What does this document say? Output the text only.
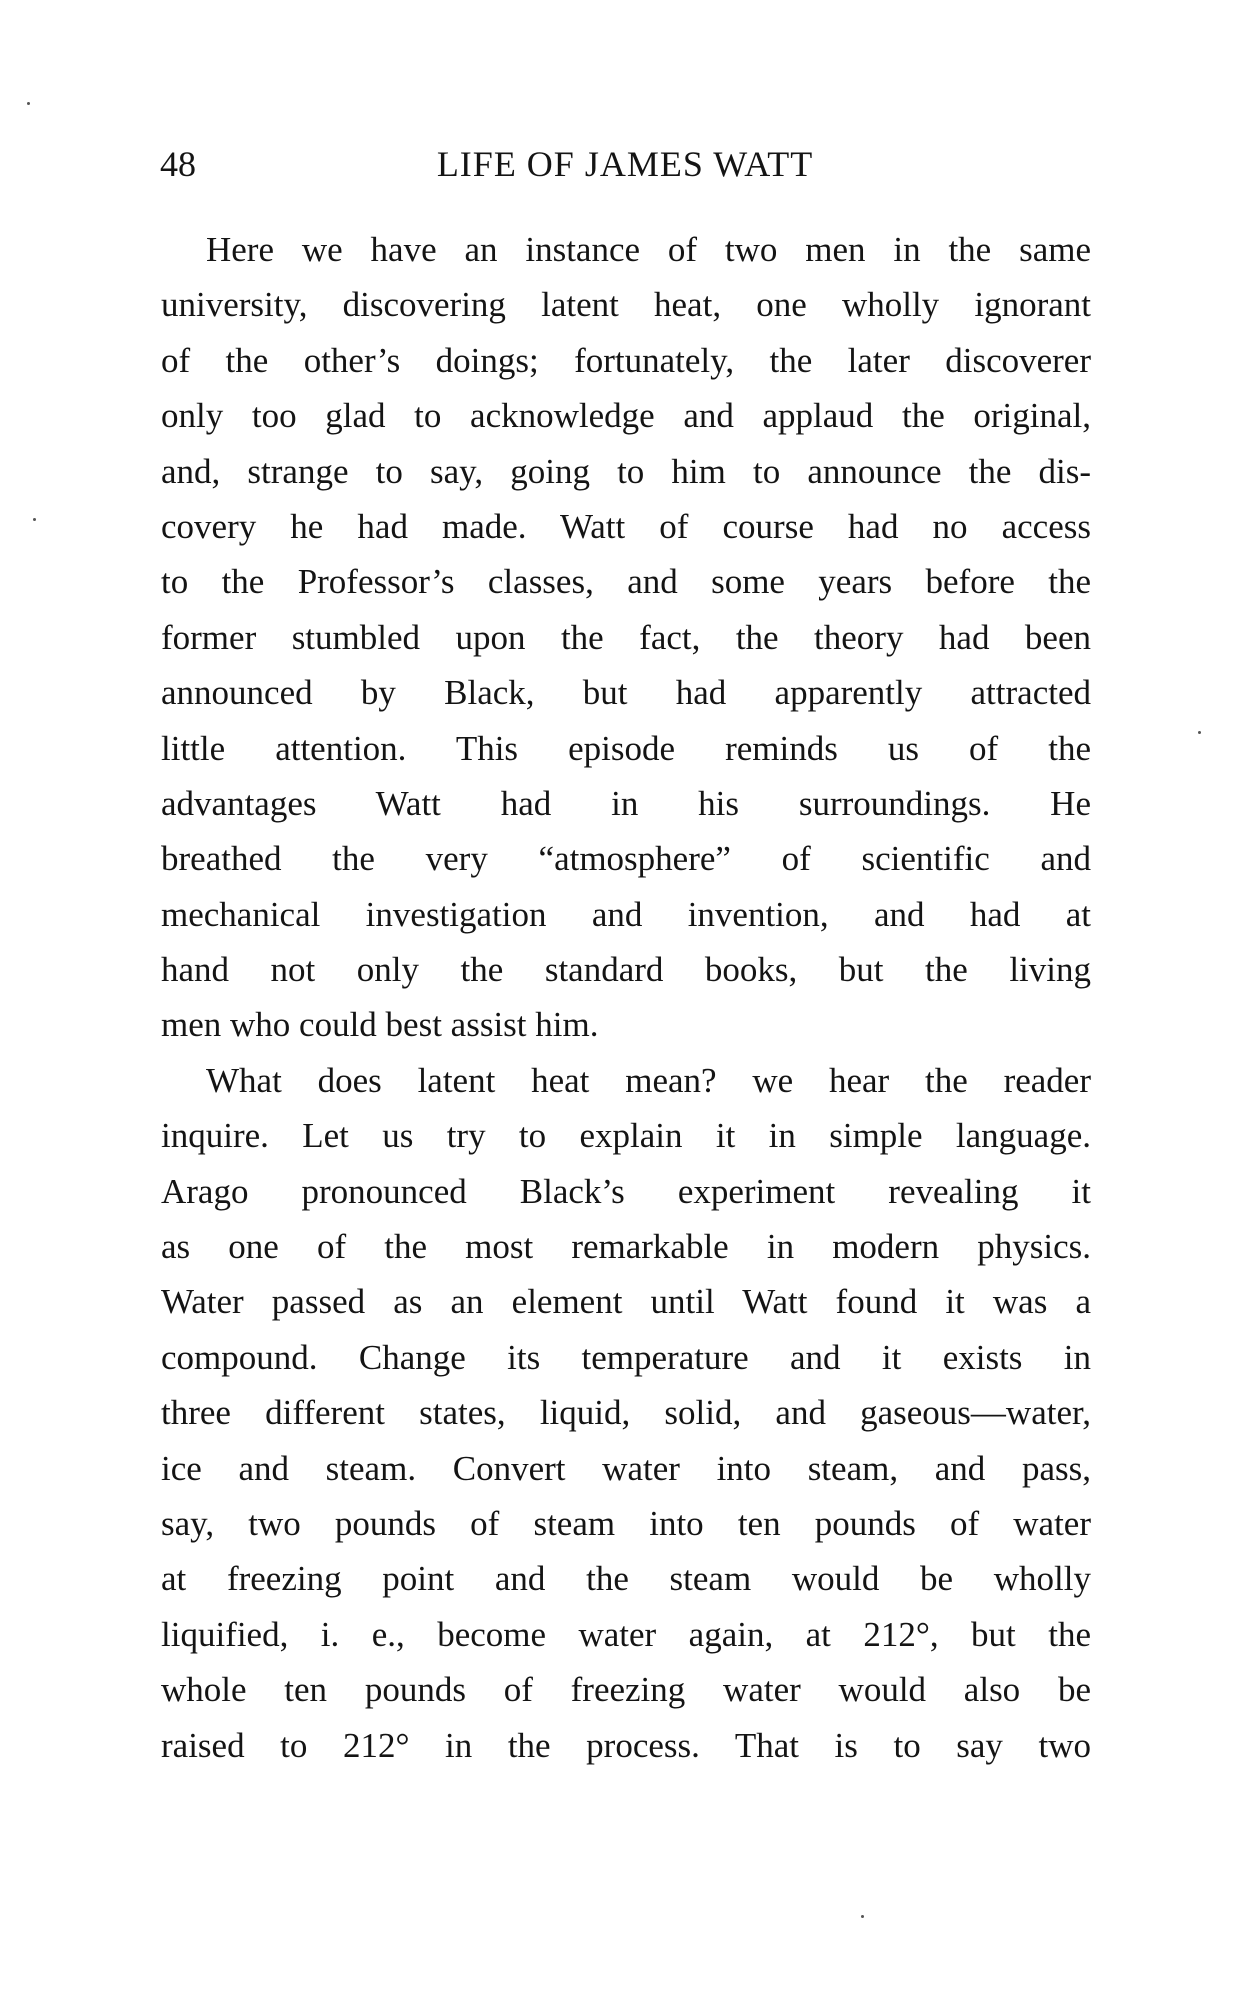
48	LIFE OF JAMES WATT
Here we have an instance of two men in the same
university, discovering latent heat, one wholly ignorant
of the other’s doings; fortunately, the later discoverer
only too glad to acknowledge and applaud the original,
and, strange to say, going to him to announce the dis-
covery he had made. Watt of course had no access
to the Professor’s classes, and some years before the
former stumbled upon the fact, the theory had been
announced by Black, but had apparently attracted
little attention. This episode reminds us of the
advantages Watt had in his surroundings. He
breathed the very “atmosphere” of scientific and
mechanical investigation and invention, and had at
hand not only the standard books, but the living
men who could best assist him.
What does latent heat mean? we hear the reader
inquire. Let us try to explain it in simple language.
Arago pronounced Black’s experiment revealing it
as one of the most remarkable in modern physics.
Water passed as an element until Watt found it was a
compound. Change its temperature and it exists in
three different states, liquid, solid, and gaseous—water,
ice and steam. Convert water into steam, and pass,
say, two pounds of steam into ten pounds of water
at freezing point and the steam would be wholly
liquified, i. e., become water again, at 212°, but the
whole ten pounds of freezing water would also be
raised to 212° in the process. That is to say two
